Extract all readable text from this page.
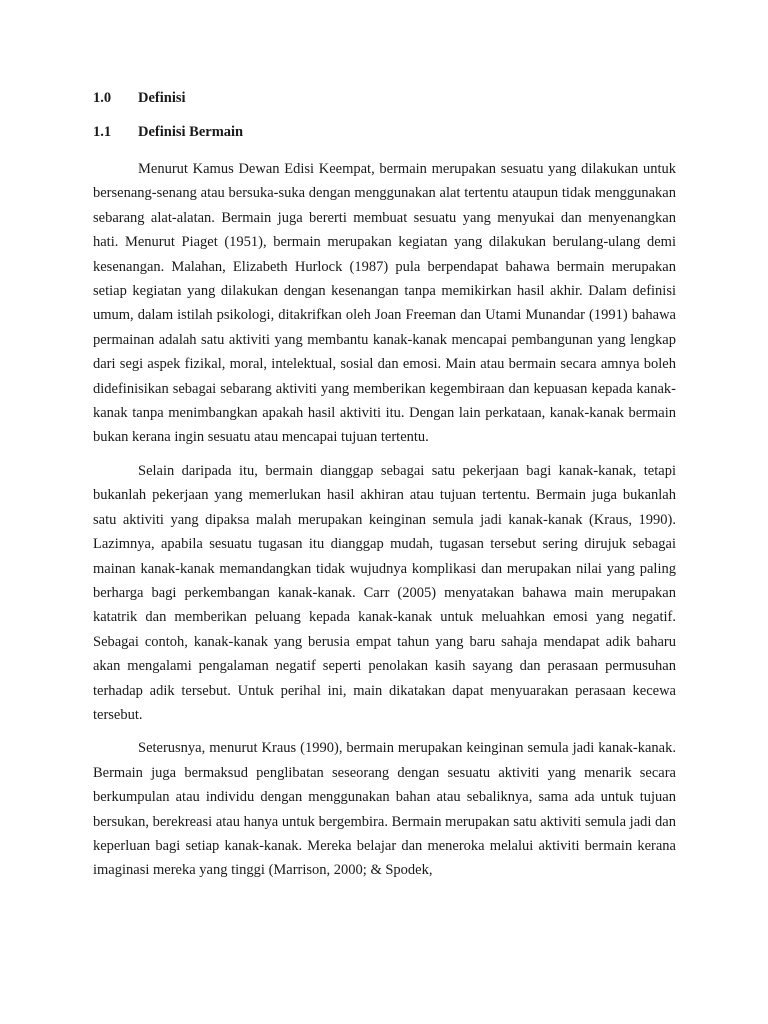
1.0	Definisi
1.1	Definisi Bermain

Menurut Kamus Dewan Edisi Keempat, bermain merupakan sesuatu yang dilakukan untuk bersenang-senang atau bersuka-suka dengan menggunakan alat tertentu ataupun tidak menggunakan sebarang alat-alatan. Bermain juga bererti membuat sesuatu yang menyukai dan menyenangkan hati. Menurut Piaget (1951), bermain merupakan kegiatan yang dilakukan berulang-ulang demi kesenangan. Malahan, Elizabeth Hurlock (1987) pula berpendapat bahawa bermain merupakan setiap kegiatan yang dilakukan dengan kesenangan tanpa memikirkan hasil akhir. Dalam definisi umum, dalam istilah psikologi, ditakrifkan oleh Joan Freeman dan Utami Munandar (1991) bahawa permainan adalah satu aktiviti yang membantu kanak-kanak mencapai pembangunan yang lengkap dari segi aspek fizikal, moral, intelektual, sosial dan emosi. Main atau bermain secara amnya boleh didefinisikan sebagai sebarang aktiviti yang memberikan kegembiraan dan kepuasan kepada kanak-kanak tanpa menimbangkan apakah hasil aktiviti itu. Dengan lain perkataan, kanak-kanak bermain bukan kerana ingin sesuatu atau mencapai tujuan tertentu.

Selain daripada itu, bermain dianggap sebagai satu pekerjaan bagi kanak-kanak, tetapi bukanlah pekerjaan yang memerlukan hasil akhiran atau tujuan tertentu. Bermain juga bukanlah satu aktiviti yang dipaksa malah merupakan keinginan semula jadi kanak-kanak (Kraus, 1990). Lazimnya, apabila sesuatu tugasan itu dianggap mudah, tugasan tersebut sering dirujuk sebagai mainan kanak-kanak memandangkan tidak wujudnya komplikasi dan merupakan nilai yang paling berharga bagi perkembangan kanak-kanak. Carr (2005) menyatakan bahawa main merupakan katatrik dan memberikan peluang kepada kanak-kanak untuk meluahkan emosi yang negatif. Sebagai contoh, kanak-kanak yang berusia empat tahun yang baru sahaja mendapat adik baharu akan mengalami pengalaman negatif seperti penolakan kasih sayang dan perasaan permusuhan terhadap adik tersebut. Untuk perihal ini, main dikatakan dapat menyuarakan perasaan kecewa tersebut.

Seterusnya, menurut Kraus (1990), bermain merupakan keinginan semula jadi kanak-kanak. Bermain juga bermaksud penglibatan seseorang dengan sesuatu aktiviti yang menarik secara berkumpulan atau individu dengan menggunakan bahan atau sebaliknya, sama ada untuk tujuan bersukan, berekreasi atau hanya untuk bergembira. Bermain merupakan satu aktiviti semula jadi dan keperluan bagi setiap kanak-kanak. Mereka belajar dan meneroka melalui aktiviti bermain kerana imaginasi mereka yang tinggi (Marrison, 2000; & Spodek,
